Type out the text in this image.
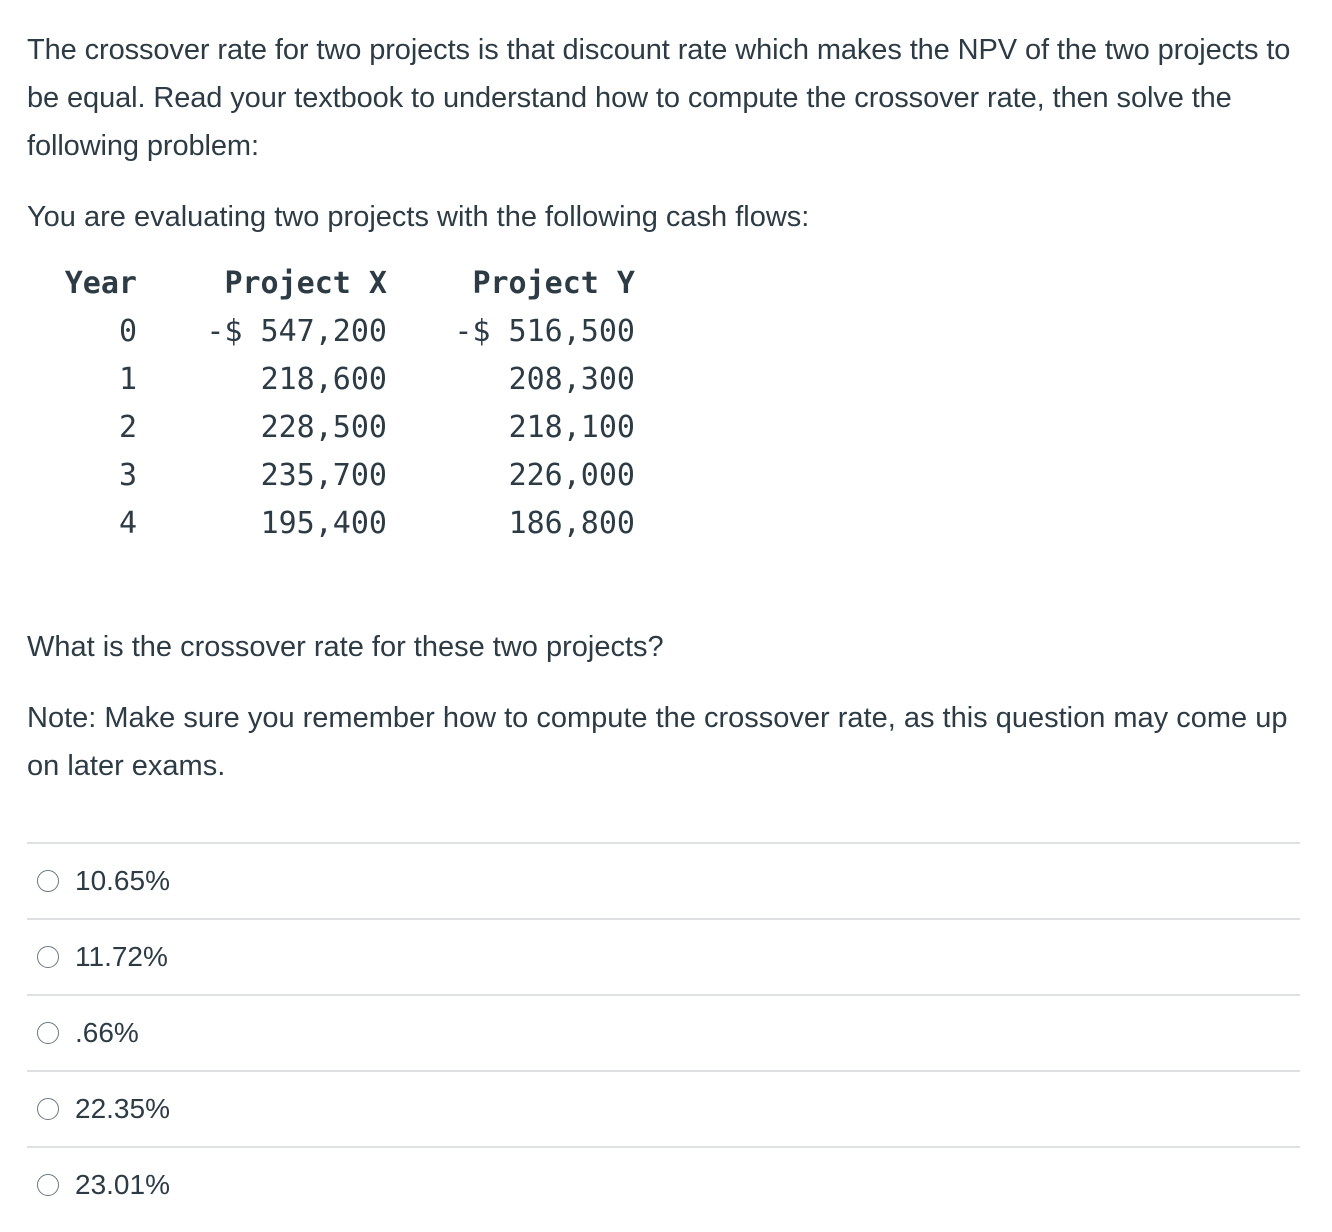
The crossover rate for two projects is that discount rate which makes the NPV of the two projects to be equal. Read your textbook to understand how to compute the crossover rate, then solve the following problem:

You are evaluating two projects with the following cash flows:

Year	Project X	Project Y
0	-$ 547,200	-$ 516,500
1	218,600	208,300
2	228,500	218,100
3	235,700	226,000
4	195,400	186,800

What is the crossover rate for these two projects?

Note: Make sure you remember how to compute the crossover rate, as this question may come up on later exams.

10.65%
11.72%
.66%
22.35%
23.01%
